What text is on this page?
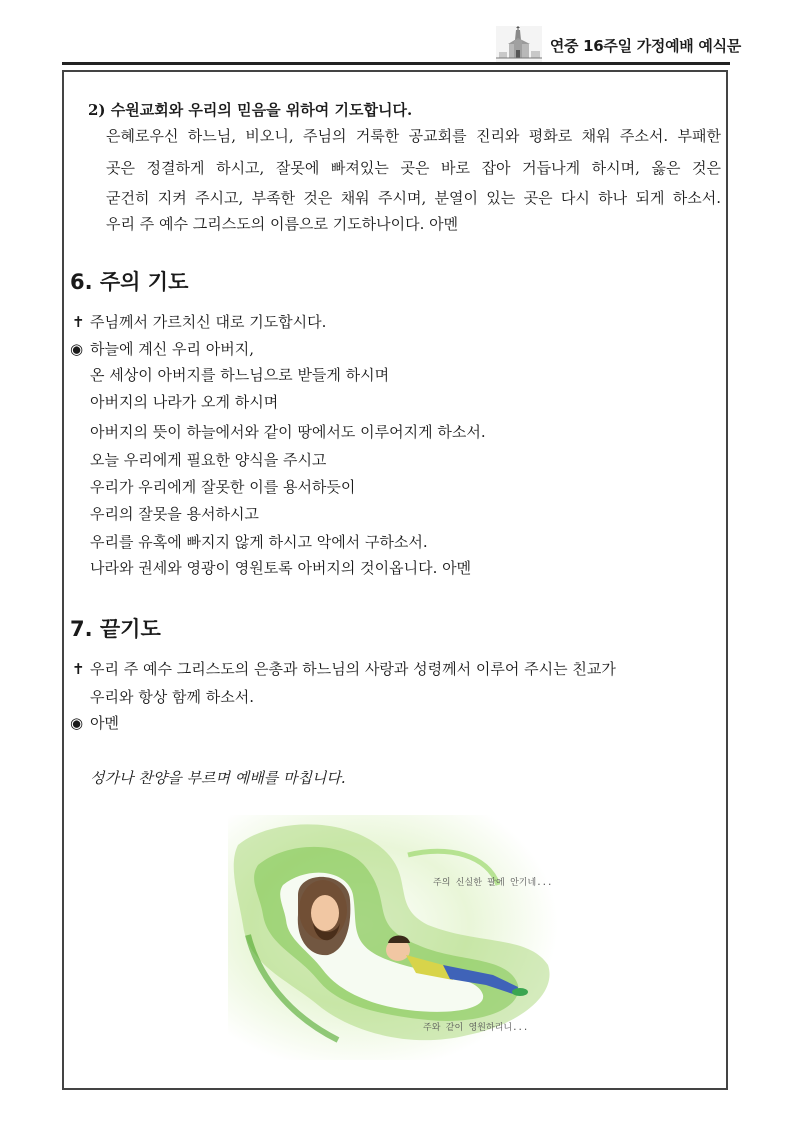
연중 16주일 가정예배 예식문
2) 수원교회와 우리의 믿음을 위하여 기도합니다.
은혜로우신 하느님, 비오니, 주님의 거룩한 공교회를 진리와 평화로 채워 주소서. 부패한
곳은 정결하게 하시고, 잘못에 빠져있는 곳은 바로 잡아 거듭나게 하시며, 옳은 것은
굳건히 지켜 주시고, 부족한 것은 채워 주시며, 분열이 있는 곳은 다시 하나 되게 하소서.
우리 주 예수 그리스도의 이름으로 기도하나이다. 아멘
6. 주의 기도
✝ 주님께서 가르치신 대로 기도합시다.
◉ 하늘에 계신 우리 아버지,
온 세상이 아버지를 하느님으로 받들게 하시며
아버지의 나라가 오게 하시며
아버지의 뜻이 하늘에서와 같이 땅에서도 이루어지게 하소서.
오늘 우리에게 필요한 양식을 주시고
우리가 우리에게 잘못한 이를 용서하듯이
우리의 잘못을 용서하시고
우리를 유혹에 빠지지 않게 하시고 악에서 구하소서.
나라와 권세와 영광이 영원토록 아버지의 것이옵니다. 아멘
7. 끝기도
✝ 우리 주 예수 그리스도의 은총과 하느님의 사랑과 성령께서 이루어 주시는 친교가
우리와 항상 함께 하소서.
◉ 아멘
성가나 찬양을 부르며 예배를 마칩니다.
주의 신실한 팔에 안기네...
주와 같이 영원하리니...
